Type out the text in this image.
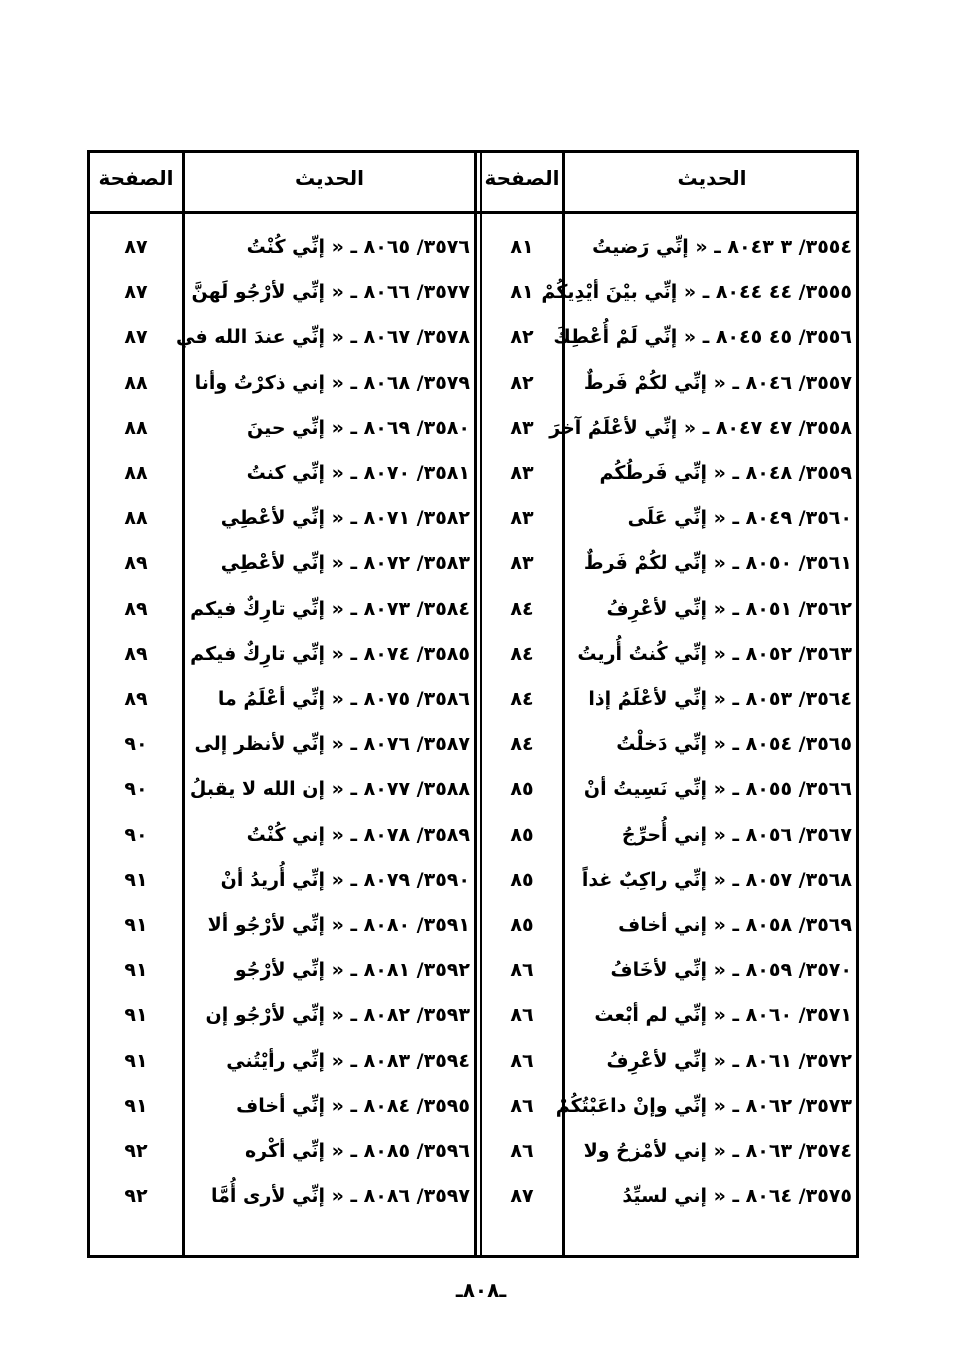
الحديث
الصفحة
الحديث
الصفحة
٣٥٥٤/ ٣ ٨٠٤٣ ـ « إنِّي رَضيتُ
٨١
٣٥٧٦/ ٨٠٦٥ ـ « إنِّي كُنْتُ
٨٧
٣٥٥٥/ ٤٤ ٨٠٤٤ ـ « إنِّي بيْنَ أيْدِيكُمْ
٨١
٣٥٧٧/ ٨٠٦٦ ـ « إنِّي لأرْجُو لَهنَّ
٨٧
٣٥٥٦/ ٤٥ ٨٠٤٥ ـ « إنِّي لَمْ أُعْطِكَ
٨٢
٣٥٧٨/ ٨٠٦٧ ـ « إنِّي عندَ الله في
٨٧
٣٥٥٧/ ٨٠٤٦ ـ « إنِّي لكُمْ فَرطٌ
٨٢
٣٥٧٩/ ٨٠٦٨ ـ « إني ذكرْتُ وأنا
٨٨
٣٥٥٨/ ٤٧ ٨٠٤٧ ـ « إنِّي لأعْلَمُ آخرَ
٨٣
٣٥٨٠/ ٨٠٦٩ ـ « إنِّي حينَ
٨٨
٣٥٥٩/ ٨٠٤٨ ـ « إنِّي فَرطُكُم
٨٣
٣٥٨١/ ٨٠٧٠ ـ « إنِّي كنتُ
٨٨
٣٥٦٠/ ٨٠٤٩ ـ « إنِّي عَلَى
٨٣
٣٥٨٢/ ٨٠٧١ ـ « إنِّي لأعْطِي
٨٨
٣٥٦١/ ٨٠٥٠ ـ « إنِّي لكُمْ فَرطٌ
٨٣
٣٥٨٣/ ٨٠٧٢ ـ « إنِّي لأعْطِي
٨٩
٣٥٦٢/ ٨٠٥١ ـ « إنِّي لأعْرِفُ
٨٤
٣٥٨٤/ ٨٠٧٣ ـ « إنِّي تارِكٌ فيكم
٨٩
٣٥٦٣/ ٨٠٥٢ ـ « إنِّي كُنتُ أُريتُ
٨٤
٣٥٨٥/ ٨٠٧٤ ـ « إنِّي تارِكٌ فيكم
٨٩
٣٥٦٤/ ٨٠٥٣ ـ « إنِّي لأعْلَمُ إذا
٨٤
٣٥٨٦/ ٨٠٧٥ ـ « إنِّي أعْلَمُ ما
٨٩
٣٥٦٥/ ٨٠٥٤ ـ « إنِّي دَخلْتُ
٨٤
٣٥٨٧/ ٨٠٧٦ ـ « إنِّي لأنظر إلى
٩٠
٣٥٦٦/ ٨٠٥٥ ـ « إنِّي نَسِيتُ أنْ
٨٥
٣٥٨٨/ ٨٠٧٧ ـ « إن الله لا يقبلُ
٩٠
٣٥٦٧/ ٨٠٥٦ ـ « إني أُحرِّجُ
٨٥
٣٥٨٩/ ٨٠٧٨ ـ « إني كُنْتُ
٩٠
٣٥٦٨/ ٨٠٥٧ ـ « إنِّي راكِبٌ غداً
٨٥
٣٥٩٠/ ٨٠٧٩ ـ « إنِّي أُريدُ أنْ
٩١
٣٥٦٩/ ٨٠٥٨ ـ « إني أخاف
٨٥
٣٥٩١/ ٨٠٨٠ ـ « إنِّي لأرْجُو ألا
٩١
٣٥٧٠/ ٨٠٥٩ ـ « إنِّي لأخَافُ
٨٦
٣٥٩٢/ ٨٠٨١ ـ « إنِّي لأرْجُو
٩١
٣٥٧١/ ٨٠٦٠ ـ « إنِّي لم أبْعث
٨٦
٣٥٩٣/ ٨٠٨٢ ـ « إنِّي لأرْجُو إن
٩١
٣٥٧٢/ ٨٠٦١ ـ « إنِّي لأعْرِفُ
٨٦
٣٥٩٤/ ٨٠٨٣ ـ « إنِّي رأيْتُني
٩١
٣٥٧٣/ ٨٠٦٢ ـ « إنِّي وإنْ داعَبْتُكُمْ
٨٦
٣٥٩٥/ ٨٠٨٤ ـ « إنِّي أخاف
٩١
٣٥٧٤/ ٨٠٦٣ ـ « إني لأمْزحُ ولا
٨٦
٣٥٩٦/ ٨٠٨٥ ـ « إنِّي أكْره
٩٢
٣٥٧٥/ ٨٠٦٤ ـ « إني لسيِّدُ
٨٧
٣٥٩٧/ ٨٠٨٦ ـ « إنِّي لأرى أُمَّا
٩٢
ـ٨٠٨ـ
